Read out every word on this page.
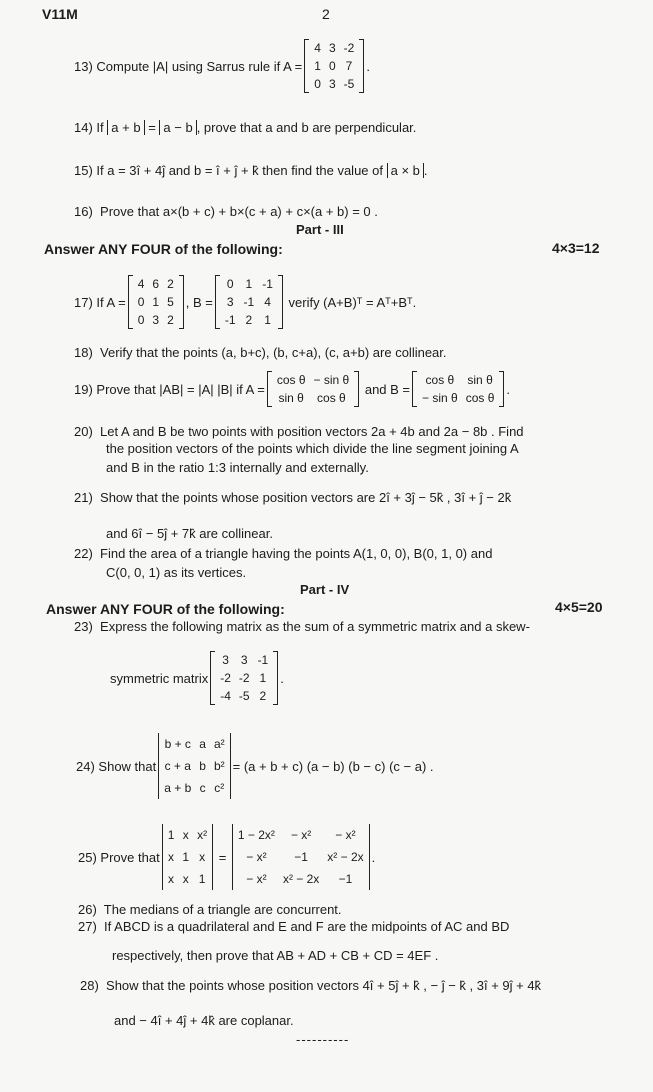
V11M	2
13)
Compute |A| using Sarrus rule if A =
4	3	-2
1	0	7
0	3	-5
.
14)
If
a + b
=
a − b , prove that a and b are perpendicular.
15)
If a = 3î + 4ĵ and b = î + ĵ + k̂ then find the value of
a × b .
16) Prove that a×(b + c) + b×(c + a) + c×(a + b) = 0 .
Part - III
Answer ANY FOUR of the following:	4×3=12
17)
If A =
4	6	2
0	1	5
0	3	2
, B =
0	1	-1
3	-1	4
-1	2	1

verify (A+B)ᵀ = Aᵀ+Bᵀ.
18) Verify that the points (a, b+c), (b, c+a), (c, a+b) are collinear.
19)
Prove that |AB| = |A| |B| if A =
cos θ	− sin θ
sin θ	cos θ

and B =
cos θ	sin θ
− sin θ	cos θ
.
20) Let A and B be two points with position vectors 2a + 4b and 2a − 8b . Find
the position vectors of the points which divide the line segment joining A
and B in the ratio 1:3 internally and externally.
21) Show that the points whose position vectors are 2î + 3ĵ − 5k̂ , 3î + ĵ − 2k̂
and 6î − 5ĵ + 7k̂ are collinear.
22) Find the area of a triangle having the points A(1, 0, 0), B(0, 1, 0) and
C(0, 0, 1) as its vertices.
Part - IV
Answer ANY FOUR of the following:	4×5=20
23) Express the following matrix as the sum of a symmetric matrix and a skew-
symmetric matrix
3	3	-1
-2	-2	1
-4	-5	2
.
24)
Show that
b + c	a	a²
c + a	b	b²
a + b	c	c²
= (a + b + c) (a − b) (b − c) (c − a) .
25)
Prove that
1	x	x²
x	1	x
x	x	1

=

1 − 2x²	− x²	− x²
− x²	−1	x² − 2x
− x²	x² − 2x	−1
.
26) The medians of a triangle are concurrent.
27) If ABCD is a quadrilateral and E and F are the midpoints of AC and BD
respectively, then prove that AB + AD + CB + CD = 4EF .
28) Show that the points whose position vectors 4î + 5ĵ + k̂ , − ĵ − k̂ , 3î + 9ĵ + 4k̂
and − 4î + 4ĵ + 4k̂ are coplanar.
----------
